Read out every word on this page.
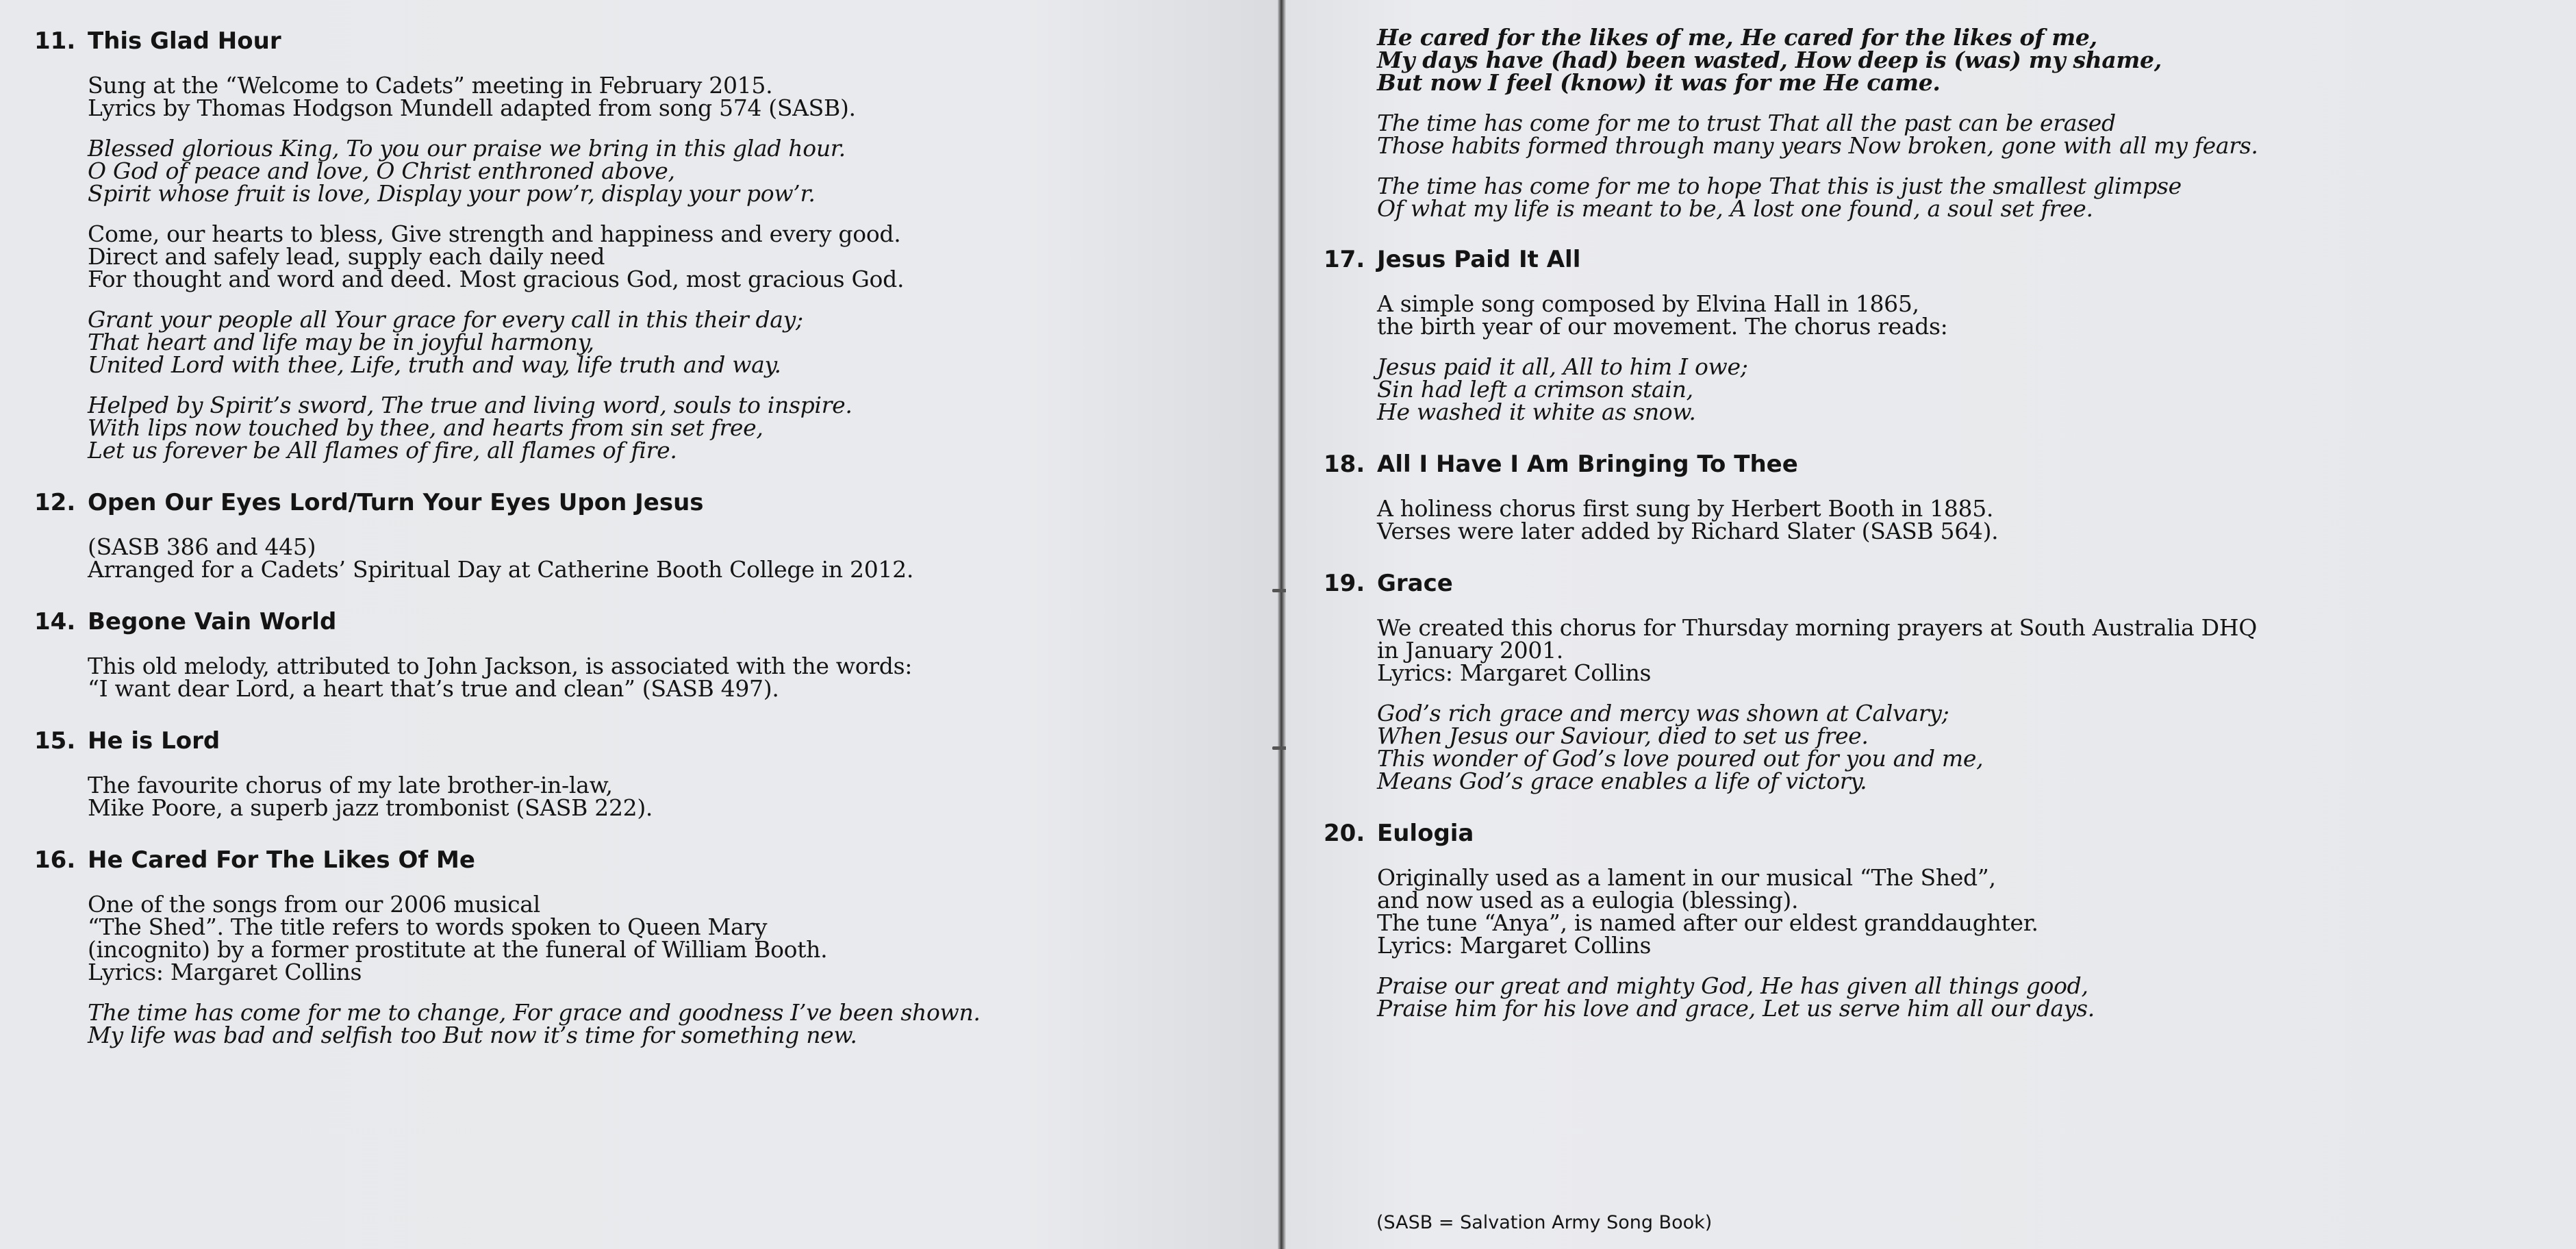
11. This Glad Hour
Sung at the “Welcome to Cadets” meeting in February 2015.
Lyrics by Thomas Hodgson Mundell adapted from song 574 (SASB).
Blessed glorious King, To you our praise we bring in this glad hour.
O God of peace and love, O Christ enthroned above,
Spirit whose fruit is love, Display your pow’r, display your pow’r.
Come, our hearts to bless, Give strength and happiness and every good.
Direct and safely lead, supply each daily need
For thought and word and deed. Most gracious God, most gracious God.
Grant your people all Your grace for every call in this their day;
That heart and life may be in joyful harmony,
United Lord with thee, Life, truth and way, life truth and way.
Helped by Spirit’s sword, The true and living word, souls to inspire.
With lips now touched by thee, and hearts from sin set free,
Let us forever be All flames of fire, all flames of fire.
12. Open Our Eyes Lord/Turn Your Eyes Upon Jesus
(SASB 386 and 445)
Arranged for a Cadets’ Spiritual Day at Catherine Booth College in 2012.
14. Begone Vain World
This old melody, attributed to John Jackson, is associated with the words:
“I want dear Lord, a heart that’s true and clean” (SASB 497).
15. He is Lord
The favourite chorus of my late brother-in-law,
Mike Poore, a superb jazz trombonist (SASB 222).
16. He Cared For The Likes Of Me
One of the songs from our 2006 musical
“The Shed”. The title refers to words spoken to Queen Mary
(incognito) by a former prostitute at the funeral of William Booth.
Lyrics: Margaret Collins
The time has come for me to change, For grace and goodness I’ve been shown.
My life was bad and selfish too But now it’s time for something new.
He cared for the likes of me, He cared for the likes of me,
My days have (had) been wasted, How deep is (was) my shame,
But now I feel (know) it was for me He came.
The time has come for me to trust That all the past can be erased
Those habits formed through many years Now broken, gone with all my fears.
The time has come for me to hope That this is just the smallest glimpse
Of what my life is meant to be, A lost one found, a soul set free.
17. Jesus Paid It All
A simple song composed by Elvina Hall in 1865,
the birth year of our movement. The chorus reads:
Jesus paid it all, All to him I owe;
Sin had left a crimson stain,
He washed it white as snow.
18. All I Have I Am Bringing To Thee
A holiness chorus first sung by Herbert Booth in 1885.
Verses were later added by Richard Slater (SASB 564).
19. Grace
We created this chorus for Thursday morning prayers at South Australia DHQ
in January 2001.
Lyrics: Margaret Collins
God’s rich grace and mercy was shown at Calvary;
When Jesus our Saviour, died to set us free.
This wonder of God’s love poured out for you and me,
Means God’s grace enables a life of victory.
20. Eulogia
Originally used as a lament in our musical “The Shed”,
and now used as a eulogia (blessing).
The tune “Anya”, is named after our eldest granddaughter.
Lyrics: Margaret Collins
Praise our great and mighty God, He has given all things good,
Praise him for his love and grace, Let us serve him all our days.
(SASB = Salvation Army Song Book)
